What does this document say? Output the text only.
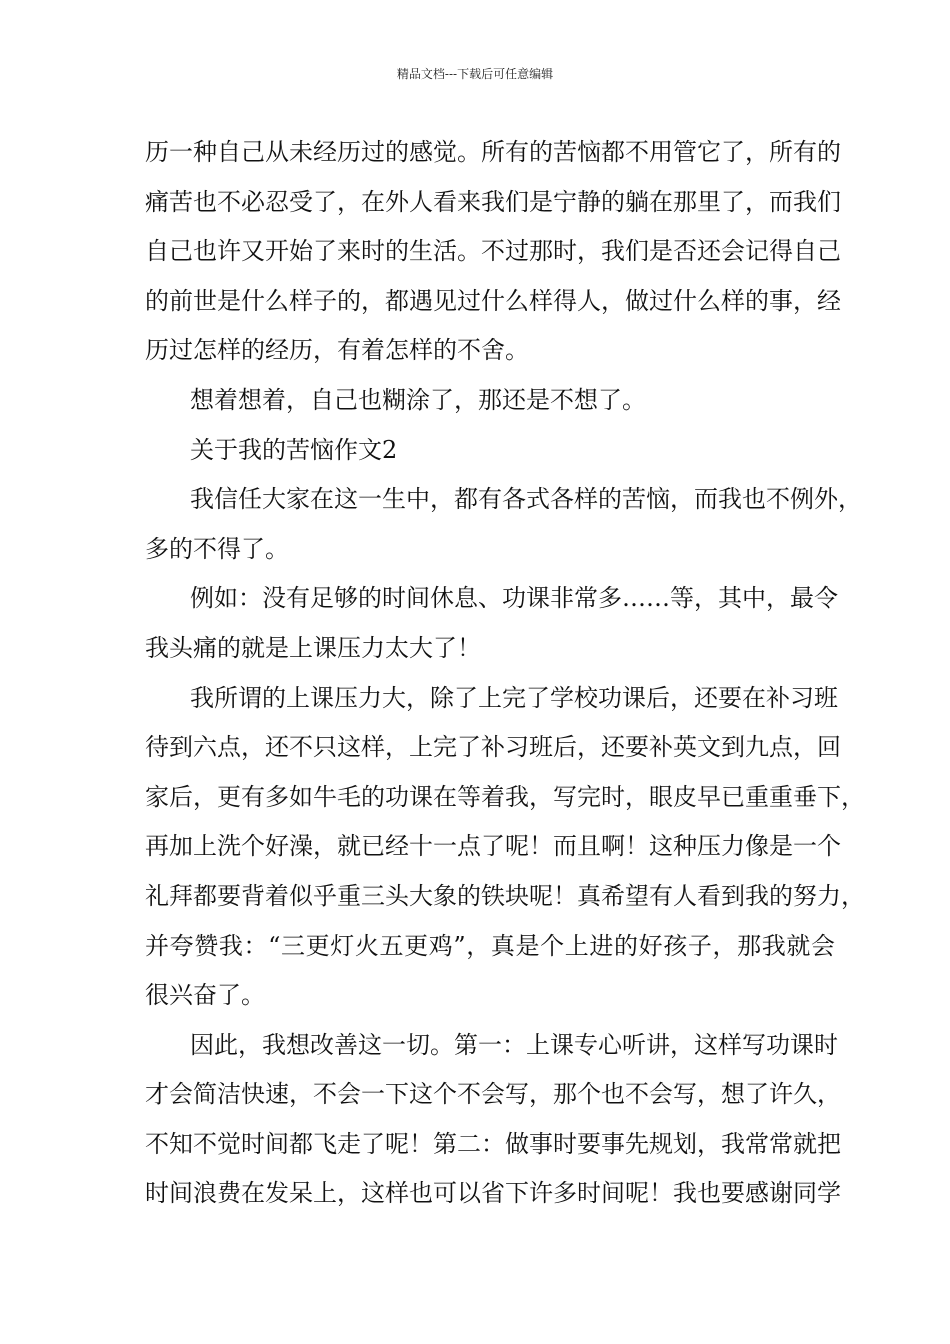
精品文档---下载后可任意编辑
历一种自己从未经历过的感觉。所有的苦恼都不用管它了，所有的
痛苦也不必忍受了，在外人看来我们是宁静的躺在那里了，而我们
自己也许又开始了来时的生活。不过那时，我们是否还会记得自己
的前世是什么样子的，都遇见过什么样得人，做过什么样的事，经
历过怎样的经历，有着怎样的不舍。
想着想着，自己也糊涂了，那还是不想了。
关于我的苦恼作文2
我信任大家在这一生中，都有各式各样的苦恼，而我也不例外，
多的不得了。
例如：没有足够的时间休息、功课非常多……等，其中，最令
我头痛的就是上课压力太大了！
我所谓的上课压力大，除了上完了学校功课后，还要在补习班
待到六点，还不只这样，上完了补习班后，还要补英文到九点，回
家后，更有多如牛毛的功课在等着我，写完时，眼皮早已重重垂下，
再加上洗个好澡，就已经十一点了呢！而且啊！这种压力像是一个
礼拜都要背着似乎重三头大象的铁块呢！真希望有人看到我的努力，
并夸赞我：“三更灯火五更鸡”，真是个上进的好孩子，那我就会
很兴奋了。
因此，我想改善这一切。第一：上课专心听讲，这样写功课时
才会简洁快速，不会一下这个不会写，那个也不会写，想了许久，
不知不觉时间都飞走了呢！第二：做事时要事先规划，我常常就把
时间浪费在发呆上，这样也可以省下许多时间呢！我也要感谢同学
